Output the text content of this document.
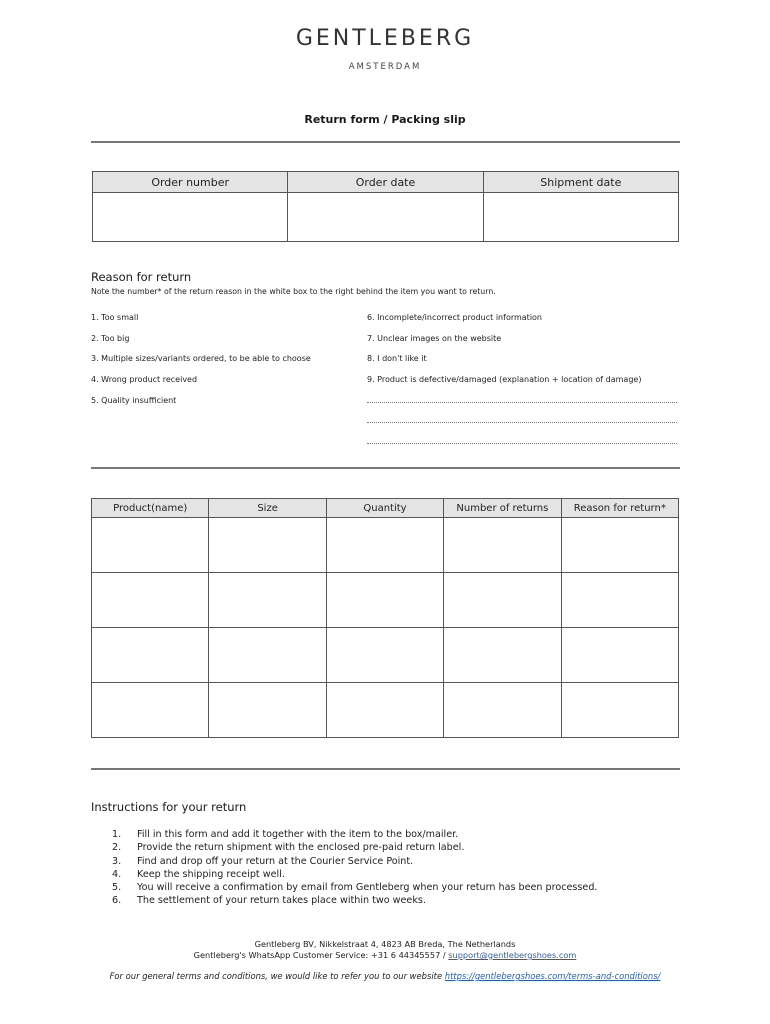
GENTLEBERG
AMSTERDAM
Return form / Packing slip
Order number	Order date	Shipment date

Reason for return
Note the number* of the return reason in the white box to the right behind the item you want to return.
1. Too small
2. Too big
3. Multiple sizes/variants ordered, to be able to choose
4. Wrong product received
5. Quality insufficient
6. Incomplete/incorrect product information
7. Unclear images on the website
8. I don't like it
9. Product is defective/damaged (explanation + location of damage)
Product(name)	Size	Quantity	Number of returns	Reason for return*

Instructions for your return
1. Fill in this form and add it together with the item to the box/mailer.
2. Provide the return shipment with the enclosed pre-paid return label.
3. Find and drop off your return at the Courier Service Point.
4. Keep the shipping receipt well.
5. You will receive a confirmation by email from Gentleberg when your return has been processed.
6. The settlement of your return takes place within two weeks.
Gentleberg BV, Nikkelstraat 4, 4823 AB Breda, The Netherlands
Gentleberg's WhatsApp Customer Service: +31 6 44345557 / support@gentlebergshoes.com
For our general terms and conditions, we would like to refer you to our website https://gentlebergshoes.com/terms-and-conditions/
